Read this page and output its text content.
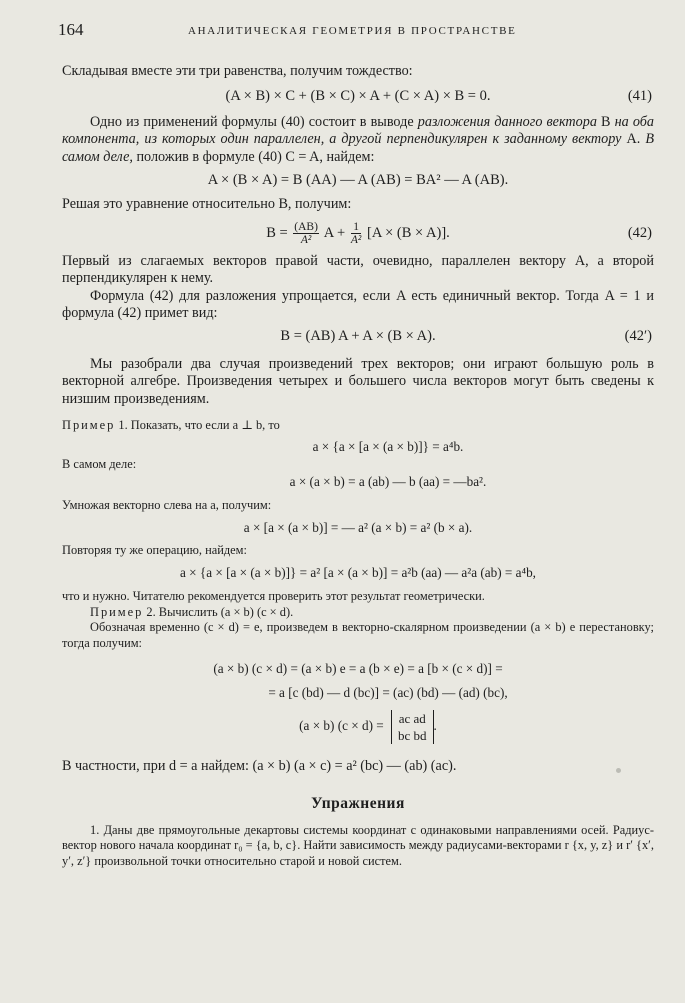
164	АНАЛИТИЧЕСКАЯ ГЕОМЕТРИЯ В ПРОСТРАНСТВЕ

Складывая вместе эти три равенства, получим тождество:

(A × B) × C + (B × C) × A + (C × A) × B = 0.	(41)

Одно из применений формулы (40) состоит в выводе разложения данного вектора B на оба компонента, из которых один параллелен, а другой перпендикулярен к заданному вектору A. В самом деле, положив в формуле (40) C = A, найдем:

A × (B × A) = B (AA) — A (AB) = BA² — A (AB).

Решая это уравнение относительно B, получим:

$B = \frac{(AB)}{\text{A²}}$ $A + \frac{1}{\text{A²}} [A \times (B \times A)]$.	(42)

Первый из слагаемых векторов правой части, очевидно, параллелен вектору A, а второй перпендикулярен к нему.

Формула (42) для разложения упрощается, если A есть единичный вектор. Тогда A = 1 и формула (42) примет вид:

B = (AB) A + A × (B × A).	(42′)

Мы разобрали два случая произведений трех векторов; они играют большую роль в векторной алгебре. Произведения четырех и большего числа векторов могут быть сведены к низшим произведениям.

Пример 1. Показать, что если a ⊥ b, то

a × {a × [a × (a × b)]} = a⁴b.

В самом деле:

a × (a × b) = a (ab) — b (aa) = —ba².

Умножая векторно слева на a, получим:

a × [a × (a × b)] = — a² (a × b) = a² (b × a).

Повторяя ту же операцию, найдем:

a × {a × [a × (a × b)]} = a² [a × (a × b)] = a²b (aa) — a²a (ab) = a⁴b,

что и нужно. Читателю рекомендуется проверить этот результат геометрически.

Пример 2. Вычислить (a × b) (c × d).

Обозначая временно (c × d) = e, произведем в векторно-скалярном произведении (a × b) e перестановку; тогда получим:

(a × b) (c × d) = (a × b) e = a (b × e) = a [b × (c × d)] =
= a [c (bd) — d (bc)] = (ac) (bd) — (ad) (bc),
(a × b) (c × d) = ac ad
bc bd
.

В частности, при d = a найдем: (a × b) (a × c) = a² (bc) — (ab) (ac).

Упражнения

1. Даны две прямоугольные декартовы системы координат с одинаковыми направлениями осей. Радиус-вектор нового начала координат r₀ = {a, b, c}. Найти зависимость между радиусами-векторами r {x, y, z} и r′ {x′, y′, z′} произвольной точки относительно старой и новой систем.
